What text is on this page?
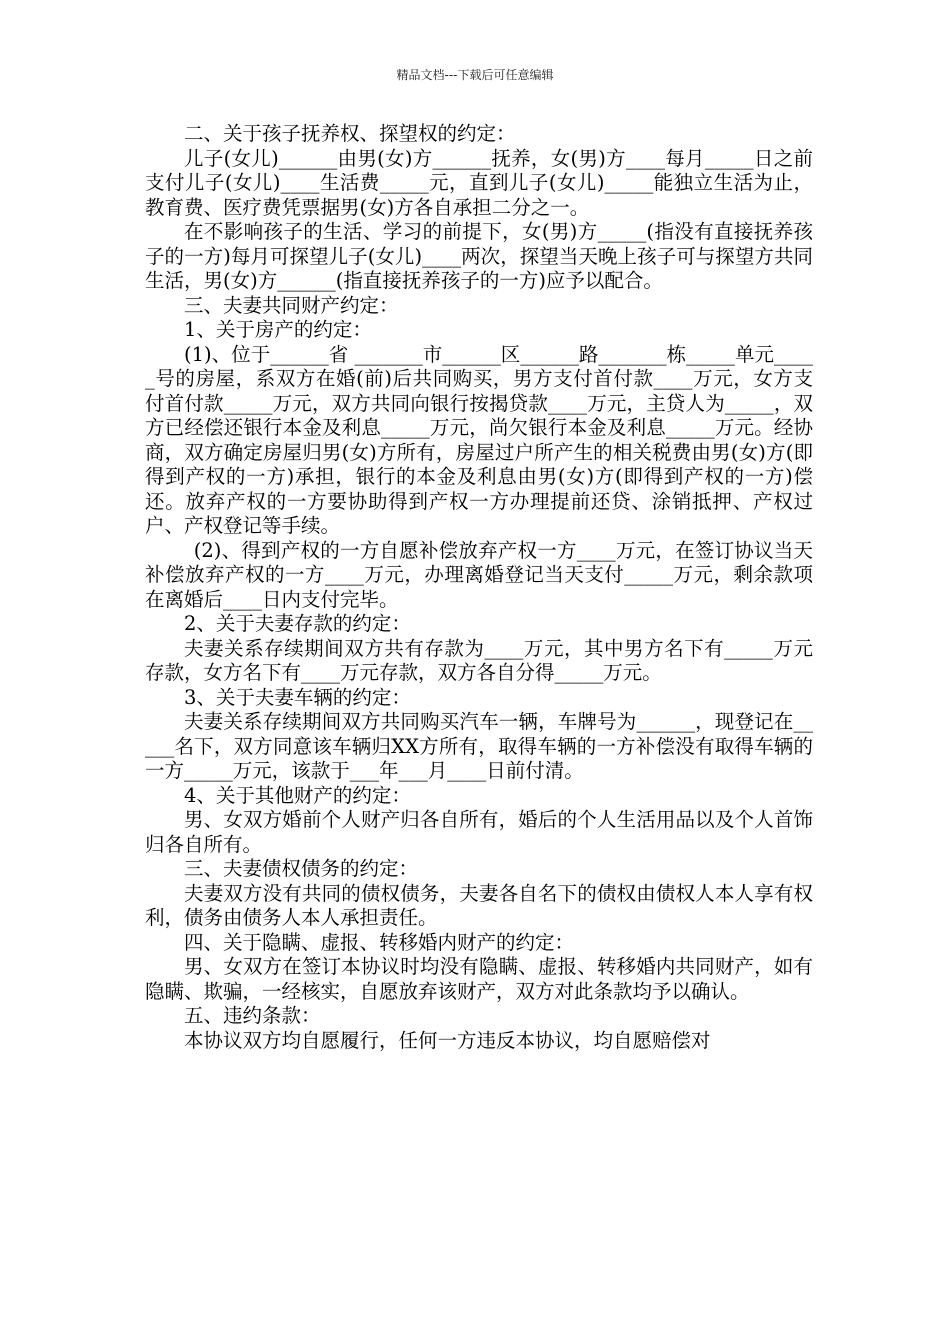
精品文档---下载后可任意编辑

二、关于孩子抚养权、探望权的约定：

儿子(女儿)______由男(女)方______抚养，女(男)方____每月_____日之前支付儿子(女儿)____生活费_____元，直到儿子(女儿)_____能独立生活为止，教育费、医疗费凭票据男(女)方各自承担二分之一。

在不影响孩子的生活、学习的前提下，女(男)方_____(指没有直接抚养孩子的一方)每月可探望儿子(女儿)____两次，探望当天晚上孩子可与探望方共同生活，男(女)方______(指直接抚养孩子的一方)应予以配合。

三、夫妻共同财产约定：

1、关于房产的约定：

(1)、位于______省 _______市______区______路_______栋_____单元_____号的房屋，系双方在婚(前)后共同购买，男方支付首付款____万元，女方支付首付款_____万元，双方共同向银行按揭贷款____万元，主贷人为_____，双方已经偿还银行本金及利息_____万元，尚欠银行本金及利息_____万元。经协商，双方确定房屋归男(女)方所有，房屋过户所产生的相关税费由男(女)方(即得到产权的一方)承担，银行的本金及利息由男(女)方(即得到产权的一方)偿还。放弃产权的一方要协助得到产权一方办理提前还贷、涂销抵押、产权过户、产权登记等手续。

(2)、得到产权的一方自愿补偿放弃产权一方____万元，在签订协议当天补偿放弃产权的一方____万元，办理离婚登记当天支付_____万元，剩余款项在离婚后____日内支付完毕。

2、关于夫妻存款的约定：

夫妻关系存续期间双方共有存款为____万元，其中男方名下有_____万元存款，女方名下有____万元存款，双方各自分得_____万元。

3、关于夫妻车辆的约定：

夫妻关系存续期间双方共同购买汽车一辆，车牌号为______，现登记在_____名下，双方同意该车辆归XX方所有，取得车辆的一方补偿没有取得车辆的一方_____万元，该款于___年___月____日前付清。

4、关于其他财产的约定：

男、女双方婚前个人财产归各自所有，婚后的个人生活用品以及个人首饰归各自所有。

三、夫妻债权债务的约定：

夫妻双方没有共同的债权债务，夫妻各自名下的债权由债权人本人享有权利，债务由债务人本人承担责任。

四、关于隐瞒、虚报、转移婚内财产的约定：

男、女双方在签订本协议时均没有隐瞒、虚报、转移婚内共同财产，如有隐瞒、欺骗，一经核实，自愿放弃该财产，双方对此条款均予以确认。

五、违约条款：

本协议双方均自愿履行，任何一方违反本协议，均自愿赔偿对
